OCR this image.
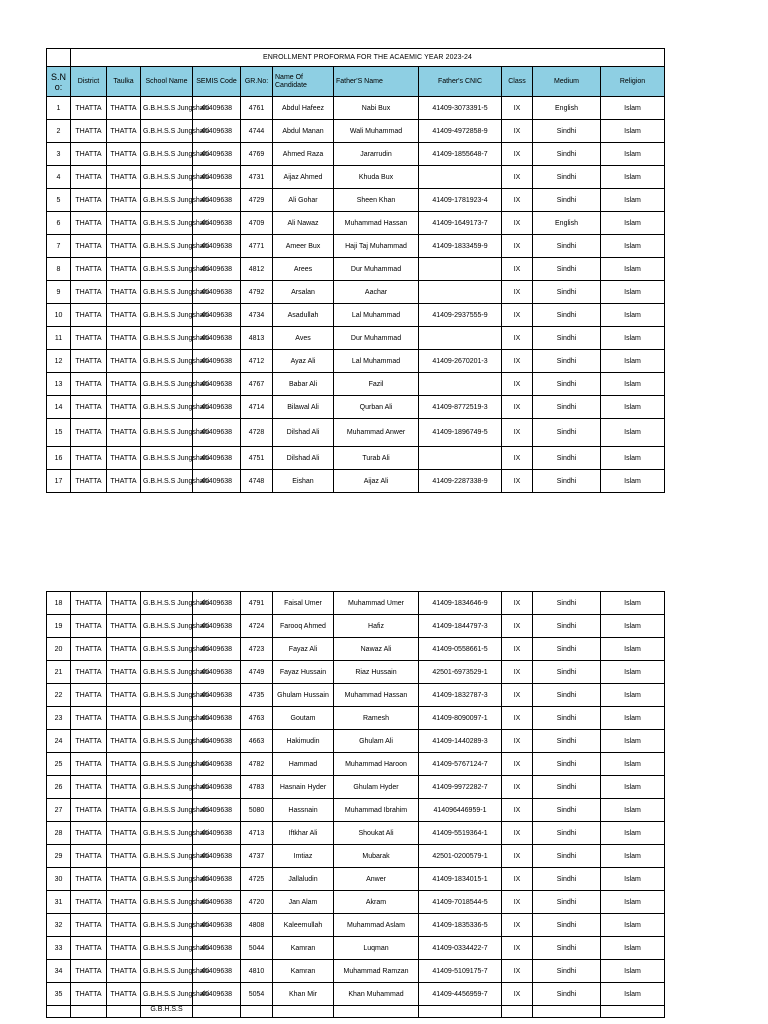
	ENROLLMENT PROFORMA FOR THE ACAEMIC YEAR 2023-24										
S.N o:	District	Taulka	School Name	SEMIS Code	GR.No:	Name Of Candidate	Father'S Name	Father's CNIC	Class	Medium	Religion
1	THATTA	THATTA	G.B.H.S.S Jungshahi	40409638	4761	Abdul Hafeez	Nabi Bux	41409-3073391-5	IX	English	Islam
2	THATTA	THATTA	G.B.H.S.S Jungshahi	40409638	4744	Abdul Manan	Wali Muhammad	41409-4972858-9	IX	Sindhi	Islam
3	THATTA	THATTA	G.B.H.S.S Jungshahi	40409638	4769	Ahmed Raza	Jararrudin	41409-1855648-7	IX	Sindhi	Islam
4	THATTA	THATTA	G.B.H.S.S Jungshahi	40409638	4731	Aijaz Ahmed	Khuda Bux		IX	Sindhi	Islam
5	THATTA	THATTA	G.B.H.S.S Jungshahi	40409638	4729	Ali Gohar	Sheen Khan	41409-1781923-4	IX	Sindhi	Islam
6	THATTA	THATTA	G.B.H.S.S Jungshahi	40409638	4709	Ali Nawaz	Muhammad Hassan	41409-1649173-7	IX	English	Islam
7	THATTA	THATTA	G.B.H.S.S Jungshahi	40409638	4771	Ameer Bux	Haji Taj Muhammad	41409-1833459-9	IX	Sindhi	Islam
8	THATTA	THATTA	G.B.H.S.S Jungshahi	40409638	4812	Arees	Dur Muhammad		IX	Sindhi	Islam
9	THATTA	THATTA	G.B.H.S.S Jungshahi	40409638	4792	Arsalan	Aachar		IX	Sindhi	Islam
10	THATTA	THATTA	G.B.H.S.S Jungshahi	40409638	4734	Asadullah	Lal Muhammad	41409-2937555-9	IX	Sindhi	Islam
11	THATTA	THATTA	G.B.H.S.S Jungshahi	40409638	4813	Aves	Dur Muhammad		IX	Sindhi	Islam
12	THATTA	THATTA	G.B.H.S.S Jungshahi	40409638	4712	Ayaz Ali	Lal Muhammad	41409-2670201-3	IX	Sindhi	Islam
13	THATTA	THATTA	G.B.H.S.S Jungshahi	40409638	4767	Babar Ali	Fazil		IX	Sindhi	Islam
14	THATTA	THATTA	G.B.H.S.S Jungshahi	40409638	4714	Bilawal Ali	Qurban Ali	41409-8772519-3	IX	Sindhi	Islam
15	THATTA	THATTA	G.B.H.S.S Jungshahi	40409638	4728	Dilshad Ali	Muhammad Anwer	41409-1896749-5	IX	Sindhi	Islam
16	THATTA	THATTA	G.B.H.S.S Jungshahi	40409638	4751	Dilshad Ali	Turab Ali		IX	Sindhi	Islam
17	THATTA	THATTA	G.B.H.S.S Jungshahi	40409638	4748	Eishan	Aijaz Ali	41409-2287338-9	IX	Sindhi	Islam
18	THATTA	THATTA	G.B.H.S.S Jungshahi	40409638	4791	Faisal Umer	Muhammad Umer	41409-1834646-9	IX	Sindhi	Islam
19	THATTA	THATTA	G.B.H.S.S Jungshahi	40409638	4724	Farooq Ahmed	Hafiz	41409-1844797-3	IX	Sindhi	Islam
20	THATTA	THATTA	G.B.H.S.S Jungshahi	40409638	4723	Fayaz Ali	Nawaz Ali	41409-0558661-5	IX	Sindhi	Islam
21	THATTA	THATTA	G.B.H.S.S Jungshahi	40409638	4749	Fayaz Hussain	Riaz Hussain	42501-6973529-1	IX	Sindhi	Islam
22	THATTA	THATTA	G.B.H.S.S Jungshahi	40409638	4735	Ghulam Hussain	Muhammad Hassan	41409-1832787-3	IX	Sindhi	Islam
23	THATTA	THATTA	G.B.H.S.S Jungshahi	40409638	4763	Goutam	Ramesh	41409-8090097-1	IX	Sindhi	Islam
24	THATTA	THATTA	G.B.H.S.S Jungshahi	40409638	4663	Hakimudin	Ghulam Ali	41409-1440289-3	IX	Sindhi	Islam
25	THATTA	THATTA	G.B.H.S.S Jungshahi	40409638	4782	Hammad	Muhammad Haroon	41409-5767124-7	IX	Sindhi	Islam
26	THATTA	THATTA	G.B.H.S.S Jungshahi	40409638	4783	Hasnain Hyder	Ghulam Hyder	41409-9972282-7	IX	Sindhi	Islam
27	THATTA	THATTA	G.B.H.S.S Jungshahi	40409638	5080	Hassnain	Muhammad Ibrahim	414096446959-1	IX	Sindhi	Islam
28	THATTA	THATTA	G.B.H.S.S Jungshahi	40409638	4713	Iftkhar Ali	Shoukat Ali	41409-5519364-1	IX	Sindhi	Islam
29	THATTA	THATTA	G.B.H.S.S Jungshahi	40409638	4737	Imtiaz	Mubarak	42501-0200579-1	IX	Sindhi	Islam
30	THATTA	THATTA	G.B.H.S.S Jungshahi	40409638	4725	Jallaludin	Anwer	41409-1834015-1	IX	Sindhi	Islam
31	THATTA	THATTA	G.B.H.S.S Jungshahi	40409638	4720	Jan Alam	Akram	41409-7018544-5	IX	Sindhi	Islam
32	THATTA	THATTA	G.B.H.S.S Jungshahi	40409638	4808	Kaleemullah	Muhammad Aslam	41409-1835336-5	IX	Sindhi	Islam
33	THATTA	THATTA	G.B.H.S.S Jungshahi	40409638	5044	Kamran	Luqman	41409-0334422-7	IX	Sindhi	Islam
34	THATTA	THATTA	G.B.H.S.S Jungshahi	40409638	4810	Kamran	Muhammad Ramzan	41409-5109175-7	IX	Sindhi	Islam
35	THATTA	THATTA	G.B.H.S.S Jungshahi	40409638	5054	Khan Mir	Khan Muhammad	41409-4456959-7	IX	Sindhi	Islam
			G.B.H.S.S								
